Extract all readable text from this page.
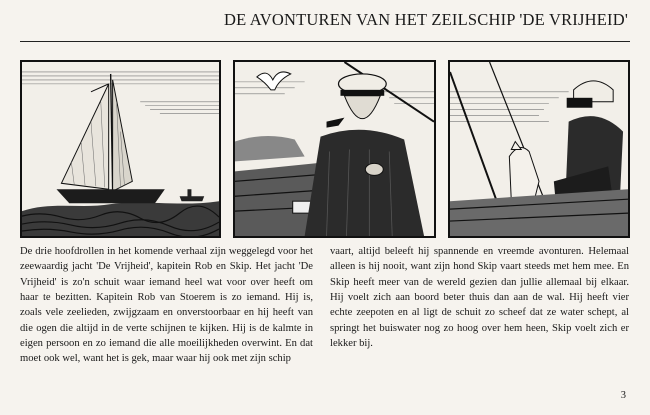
DE AVONTUREN VAN HET ZEILSCHIP 'DE VRIJHEID'
De drie hoofdrollen in het komende verhaal zijn weggelegd voor het zeewaardig jacht 'De Vrijheid', kapitein Rob en Skip. Het jacht 'De Vrijheid' is zo'n schuit waar iemand heel wat voor over heeft om haar te bezitten. Kapitein Rob van Stoerem is zo iemand. Hij is, zoals vele zeelieden, zwijgzaam en onverstoorbaar en hij heeft van die ogen die altijd in de verte schijnen te kijken. Hij is de kalmte in eigen persoon en zo iemand die alle moeilijkheden overwint. En dat moet ook wel, want het is gek, maar waar hij ook met zijn schip
vaart, altijd beleeft hij spannende en vreemde avonturen. Helemaal alleen is hij nooit, want zijn hond Skip vaart steeds met hem mee. En Skip heeft meer van de wereld gezien dan jullie allemaal bij elkaar. Hij voelt zich aan boord beter thuis dan aan de wal. Hij heeft vier echte zeepoten en al ligt de schuit zo scheef dat ze water schept, al springt het buiswater nog zo hoog over hem heen, Skip voelt zich er lekker bij.
3
